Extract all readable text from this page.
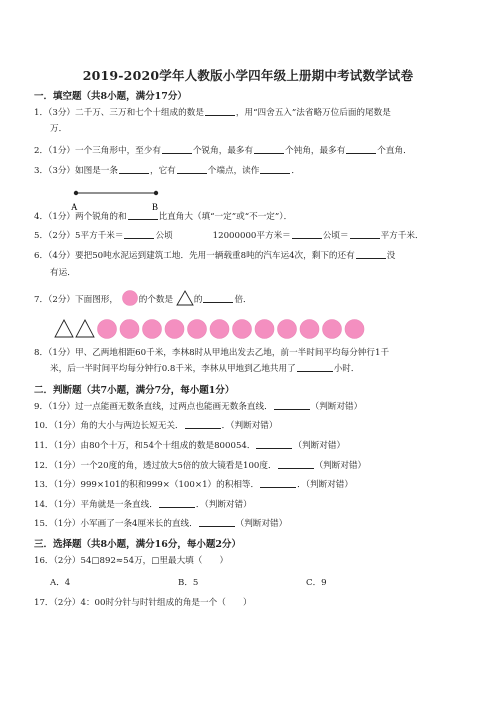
2019-2020学年人教版小学四年级上册期中考试数学试卷
一．填空题（共8小题，满分17分）
1．（3分）二千万、三万和七个十组成的数是	，用“四舍五入”法省略万位后面的尾数是
万．
2．（1分）一个三角形中，至少有	个锐角，最多有	个钝角，最多有	个直角．
3．（3分）如图是一条	，它有	个端点，读作	．
A	B
4．（1分）两个锐角的和	比直角大（填“一定”或“不一定”）．
5．（2分）5平方千米＝	公顷	12000000平方米＝	公顷＝	平方千米．
6．（4分）要把50吨水泥运到建筑工地．先用一辆载重8吨的汽车运4次，剩下的还有	没
有运．
7．（2分）下面图形， 的个数是 的	倍．
8．（1分）甲、乙两地相距60千米，李林8时从甲地出发去乙地，前一半时间平均每分钟行1千
米，后一半时间平均每分钟行0.8千米，李林从甲地到乙地共用了	小时．
二．判断题（共7小题，满分7分，每小题1分）
9．（1分）过一点能画无数条直线，过两点也能画无数条直线．	（判断对错）
10．（1分）角的大小与两边长短无关．	．（判断对错）
11．（1分）由80个十万，和54个十组成的数是800054．	（判断对错）
12．（1分）一个20度的角，透过放大5倍的放大镜看是100度．	（判断对错）
13．（1分）999×101的积和999×（100×1）的积相等．	．（判断对错）
14．（1分）平角就是一条直线．	．（判断对错）
15．（1分）小军画了一条4厘米长的直线．	（判断对错）
三．选择题（共8小题，满分16分，每小题2分）
16．（2分）54□892≈54万，□里最大填（　　）
A．4	B．5	C．9
17．（2分）4：00时分针与时针组成的角是一个（　　）
